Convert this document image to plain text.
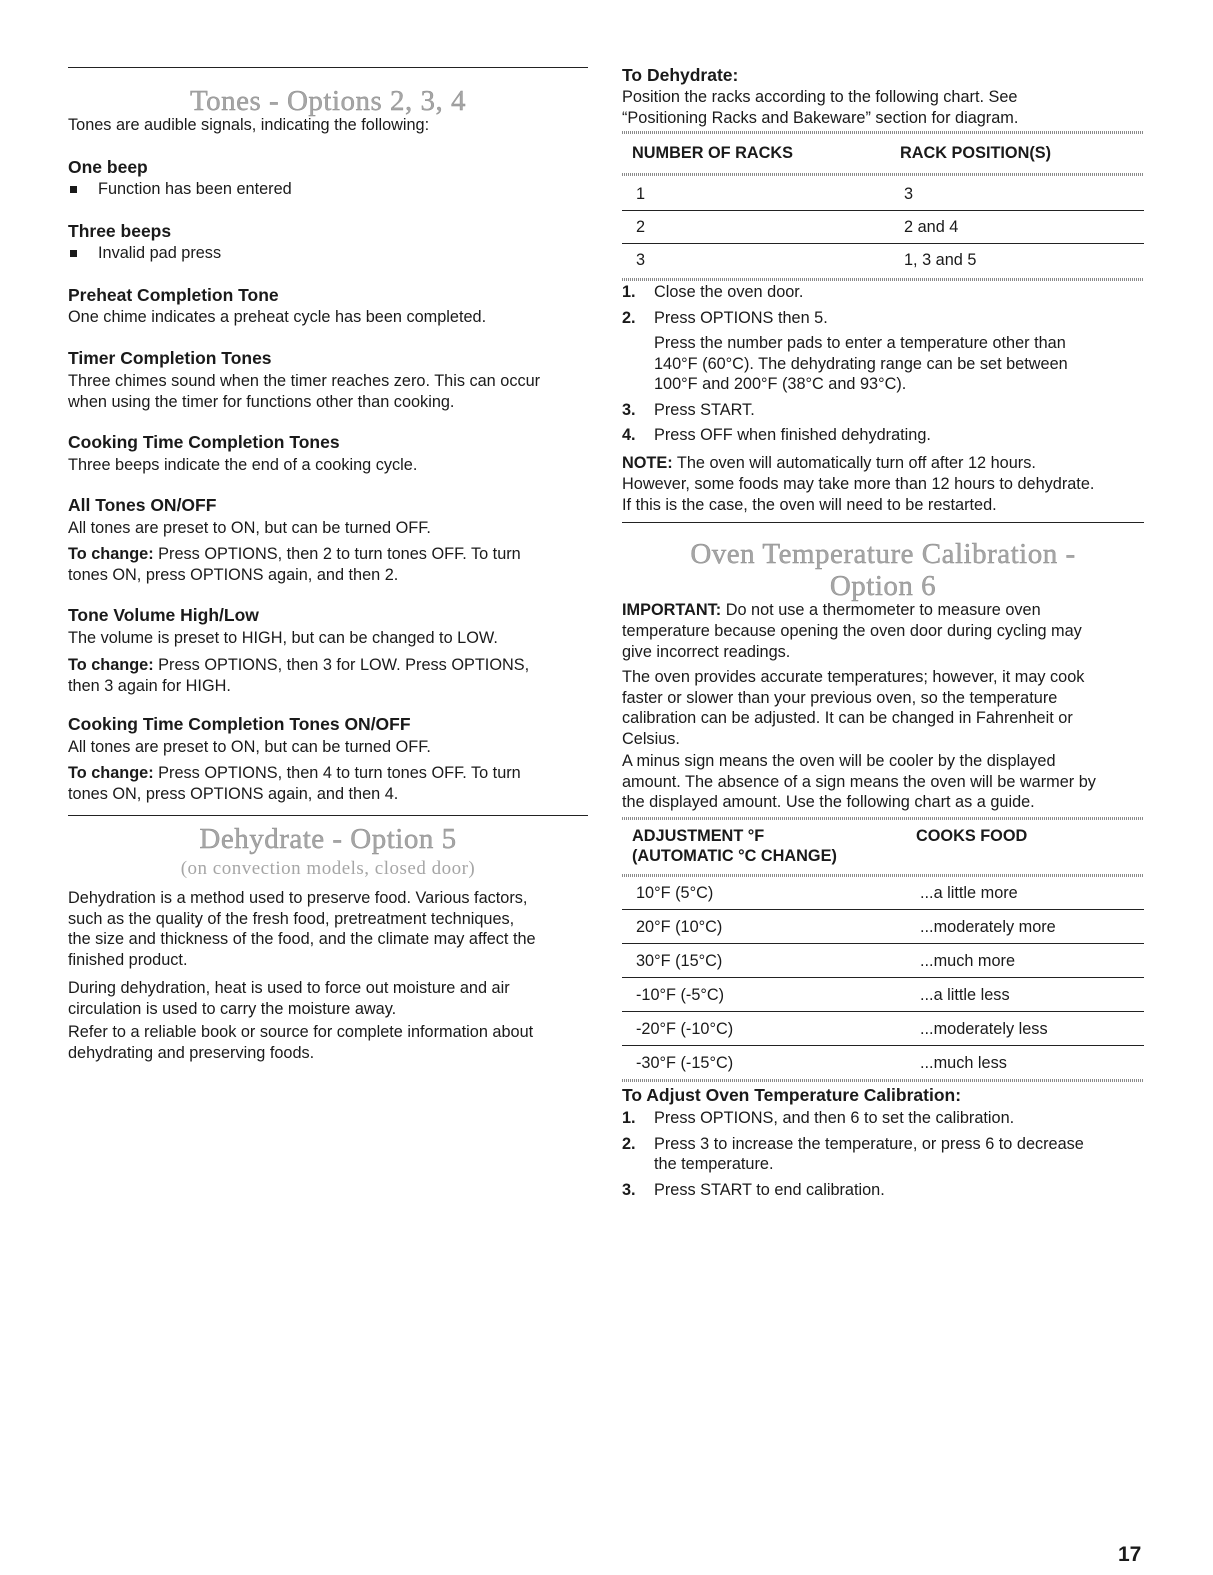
Tones - Options 2, 3, 4

Tones are audible signals, indicating the following:

One beep
Function has been entered
Three beeps
Invalid pad press
Preheat Completion Tone

One chime indicates a preheat cycle has been completed.

Timer Completion Tones

Three chimes sound when the timer reaches zero. This can occur

when using the timer for functions other than cooking.

Cooking Time Completion Tones

Three beeps indicate the end of a cooking cycle.

All Tones ON/OFF

All tones are preset to ON, but can be turned OFF.

To change: Press OPTIONS, then 2 to turn tones OFF. To turn

tones ON, press OPTIONS again, and then 2.

Tone Volume High/Low

The volume is preset to HIGH, but can be changed to LOW.

To change: Press OPTIONS, then 3 for LOW. Press OPTIONS,

then 3 again for HIGH.

Cooking Time Completion Tones ON/OFF

All tones are preset to ON, but can be turned OFF.

To change: Press OPTIONS, then 4 to turn tones OFF. To turn

tones ON, press OPTIONS again, and then 4.

Dehydrate - Option 5
(on convection models, closed door)

Dehydration is a method used to preserve food. Various factors,

such as the quality of the fresh food, pretreatment techniques,

the size and thickness of the food, and the climate may affect the

finished product.

During dehydration, heat is used to force out moisture and air

circulation is used to carry the moisture away.

Refer to a reliable book or source for complete information about

dehydrating and preserving foods.

To Dehydrate:

Position the racks according to the following chart. See

“Positioning Racks and Bakeware” section for diagram.

NUMBER OF RACKS	RACK POSITION(S)
1	3
2	2 and 4
3	1, 3 and 5
1. Close the oven door.
2. Press OPTIONS then 5.
Press the number pads to enter a temperature other than
140°F (60°C). The dehydrating range can be set between
100°F and 200°F (38°C and 93°C).
3. Press START.
4. Press OFF when finished dehydrating.

NOTE: The oven will automatically turn off after 12 hours.

However, some foods may take more than 12 hours to dehydrate.

If this is the case, the oven will need to be restarted.

Oven Temperature Calibration -
Option 6

IMPORTANT: Do not use a thermometer to measure oven

temperature because opening the oven door during cycling may

give incorrect readings.

The oven provides accurate temperatures; however, it may cook

faster or slower than your previous oven, so the temperature

calibration can be adjusted. It can be changed in Fahrenheit or

Celsius.

A minus sign means the oven will be cooler by the displayed

amount. The absence of a sign means the oven will be warmer by

the displayed amount. Use the following chart as a guide.

ADJUSTMENT °F
(AUTOMATIC °C CHANGE)
	COOKS FOOD
10°F (5°C)	...a little more
20°F (10°C)	...moderately more
30°F (15°C)	...much more
-10°F (-5°C)	...a little less
-20°F (-10°C)	...moderately less
-30°F (-15°C)	...much less
To Adjust Oven Temperature Calibration:
1. Press OPTIONS, and then 6 to set the calibration.
2. Press 3 to increase the temperature, or press 6 to decrease
the temperature.
3. Press START to end calibration.
17
